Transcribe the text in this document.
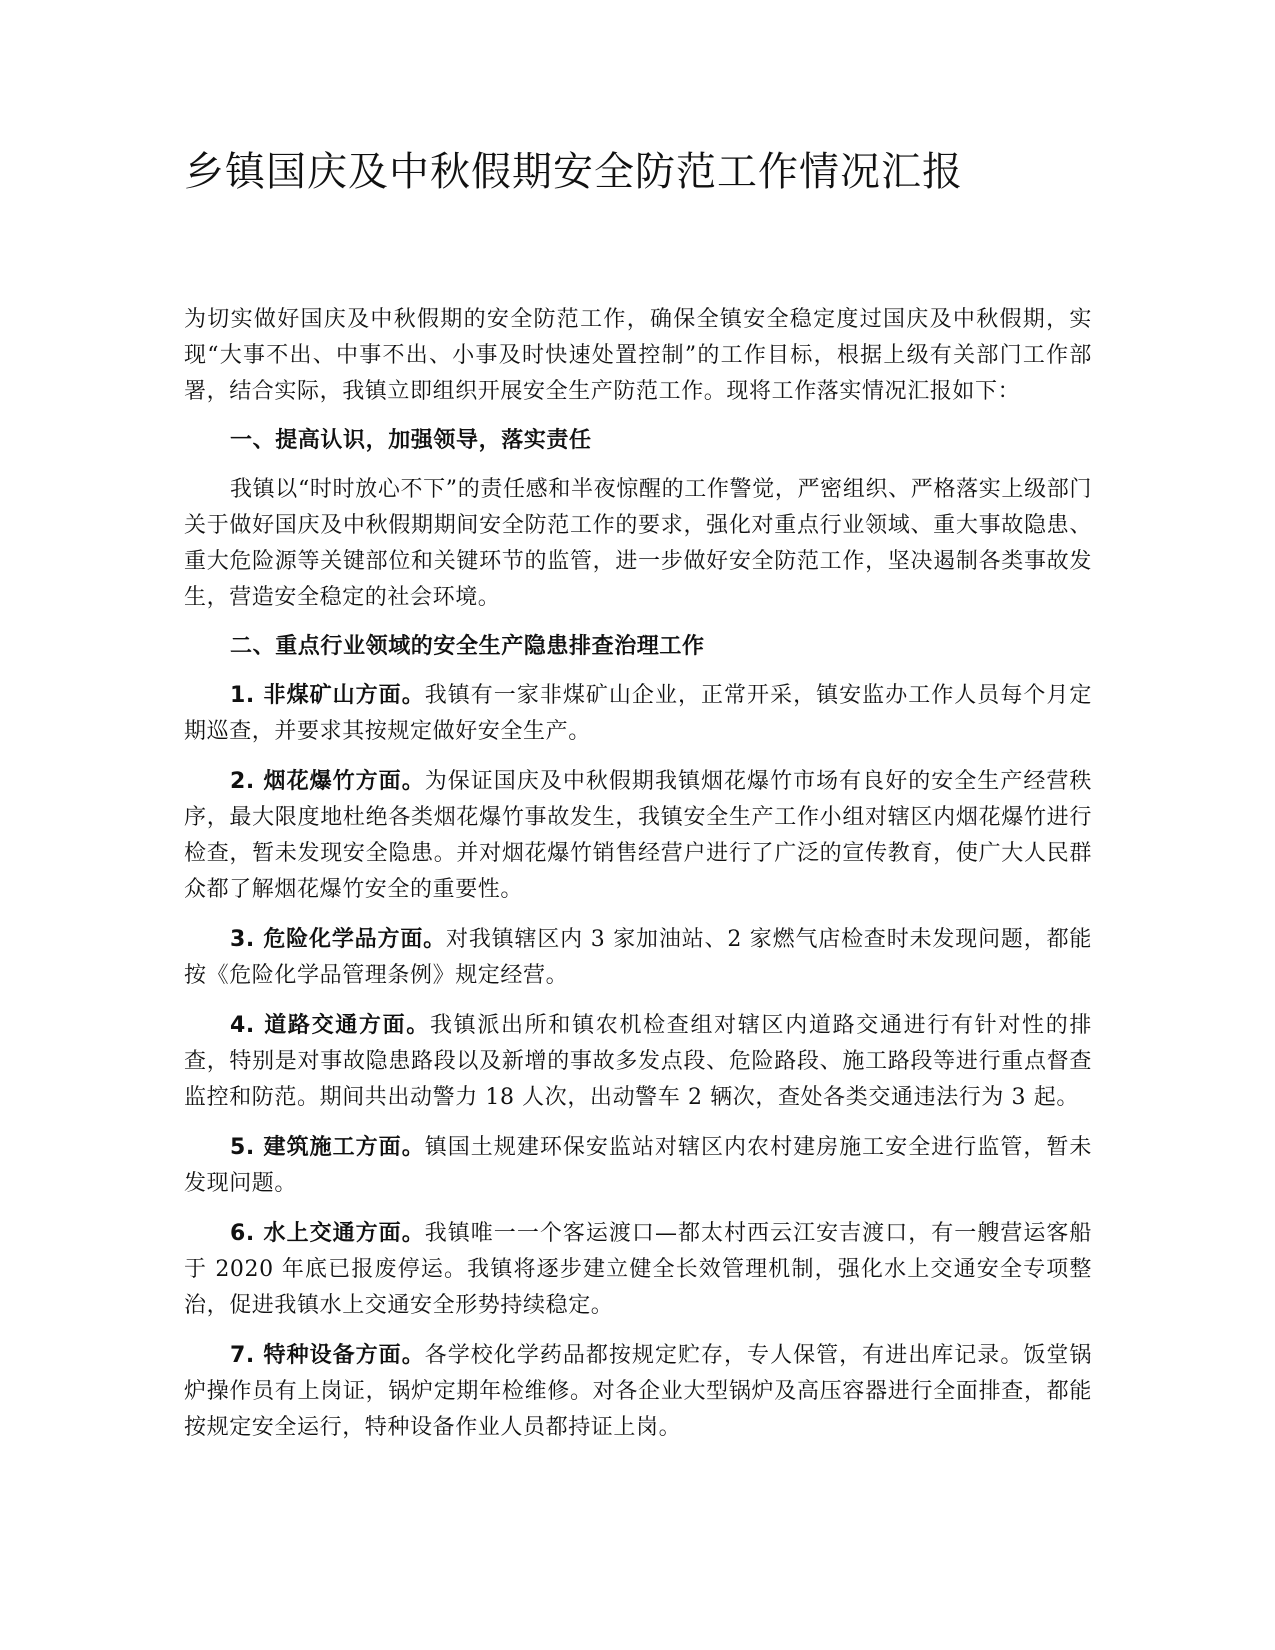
乡镇国庆及中秋假期安全防范工作情况汇报

为切实做好国庆及中秋假期的安全防范工作，确保全镇安全稳定度过国庆及中秋假期，实现“大事不出、中事不出、小事及时快速处置控制”的工作目标，根据上级有关部门工作部署，结合实际，我镇立即组织开展安全生产防范工作。现将工作落实情况汇报如下：

一、提高认识，加强领导，落实责任

我镇以“时时放心不下”的责任感和半夜惊醒的工作警觉，严密组织、严格落实上级部门关于做好国庆及中秋假期期间安全防范工作的要求，强化对重点行业领域、重大事故隐患、重大危险源等关键部位和关键环节的监管，进一步做好安全防范工作，坚决遏制各类事故发生，营造安全稳定的社会环境。

二、重点行业领域的安全生产隐患排查治理工作

1. 非煤矿山方面。我镇有一家非煤矿山企业，正常开采，镇安监办工作人员每个月定期巡查，并要求其按规定做好安全生产。

2. 烟花爆竹方面。为保证国庆及中秋假期我镇烟花爆竹市场有良好的安全生产经营秩序，最大限度地杜绝各类烟花爆竹事故发生，我镇安全生产工作小组对辖区内烟花爆竹进行检查，暂未发现安全隐患。并对烟花爆竹销售经营户进行了广泛的宣传教育，使广大人民群众都了解烟花爆竹安全的重要性。

3. 危险化学品方面。对我镇辖区内 3 家加油站、2 家燃气店检查时未发现问题，都能按《危险化学品管理条例》规定经营。

4. 道路交通方面。我镇派出所和镇农机检查组对辖区内道路交通进行有针对性的排查，特别是对事故隐患路段以及新增的事故多发点段、危险路段、施工路段等进行重点督查监控和防范。期间共出动警力 18 人次，出动警车 2 辆次，查处各类交通违法行为 3 起。

5. 建筑施工方面。镇国土规建环保安监站对辖区内农村建房施工安全进行监管，暂未发现问题。

6. 水上交通方面。我镇唯一一个客运渡口—都太村西云江安吉渡口，有一艘营运客船于 2020 年底已报废停运。我镇将逐步建立健全长效管理机制，强化水上交通安全专项整治，促进我镇水上交通安全形势持续稳定。

7. 特种设备方面。各学校化学药品都按规定贮存，专人保管，有进出库记录。饭堂锅炉操作员有上岗证，锅炉定期年检维修。对各企业大型锅炉及高压容器进行全面排查，都能按规定安全运行，特种设备作业人员都持证上岗。
